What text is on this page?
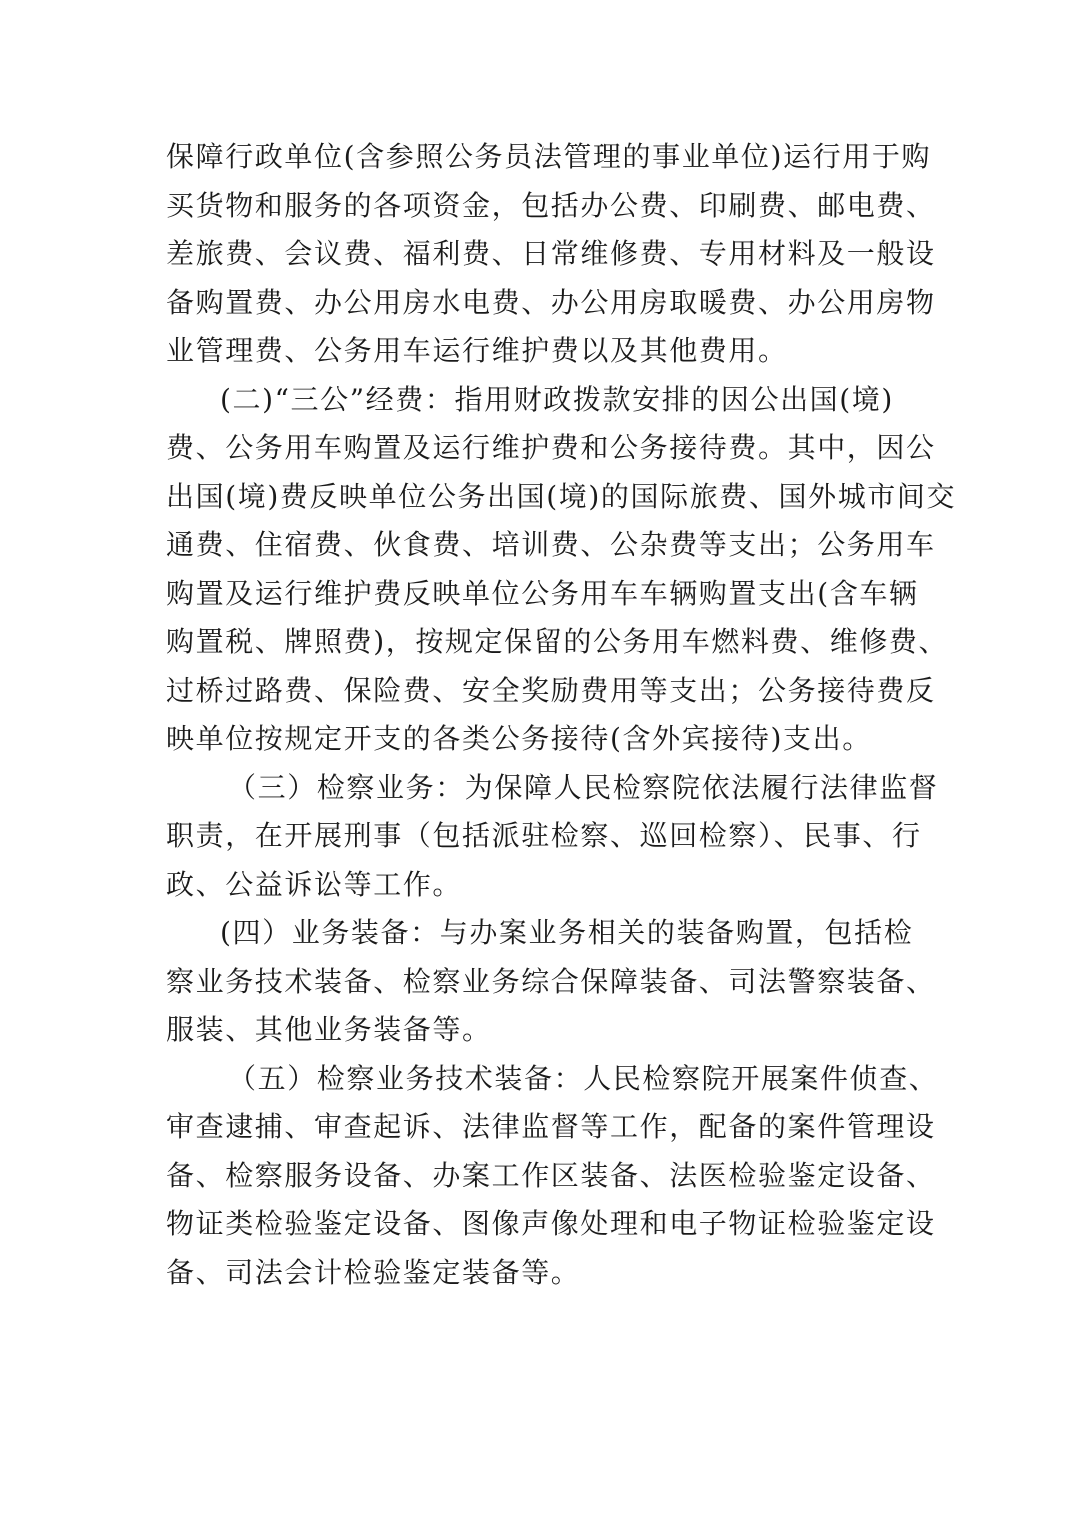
保障行政单位(含参照公务员法管理的事业单位)运行用于购
买货物和服务的各项资金，包括办公费、印刷费、邮电费、
差旅费、会议费、福利费、日常维修费、专用材料及一般设
备购置费、办公用房水电费、办公用房取暖费、办公用房物
业管理费、公务用车运行维护费以及其他费用。
(二)“三公”经费：指用财政拨款安排的因公出国(境)
费、公务用车购置及运行维护费和公务接待费。其中，因公
出国(境)费反映单位公务出国(境)的国际旅费、国外城市间交
通费、住宿费、伙食费、培训费、公杂费等支出；公务用车
购置及运行维护费反映单位公务用车车辆购置支出(含车辆
购置税、牌照费)，按规定保留的公务用车燃料费、维修费、
过桥过路费、保险费、安全奖励费用等支出；公务接待费反
映单位按规定开支的各类公务接待(含外宾接待)支出。
（三）检察业务：为保障人民检察院依法履行法律监督
职责，在开展刑事（包括派驻检察、巡回检察）、民事、行
政、公益诉讼等工作。
(四）业务装备：与办案业务相关的装备购置，包括检
察业务技术装备、检察业务综合保障装备、司法警察装备、
服装、其他业务装备等。
（五）检察业务技术装备：人民检察院开展案件侦查、
审查逮捕、审查起诉、法律监督等工作，配备的案件管理设
备、检察服务设备、办案工作区装备、法医检验鉴定设备、
物证类检验鉴定设备、图像声像处理和电子物证检验鉴定设
备、司法会计检验鉴定装备等。
